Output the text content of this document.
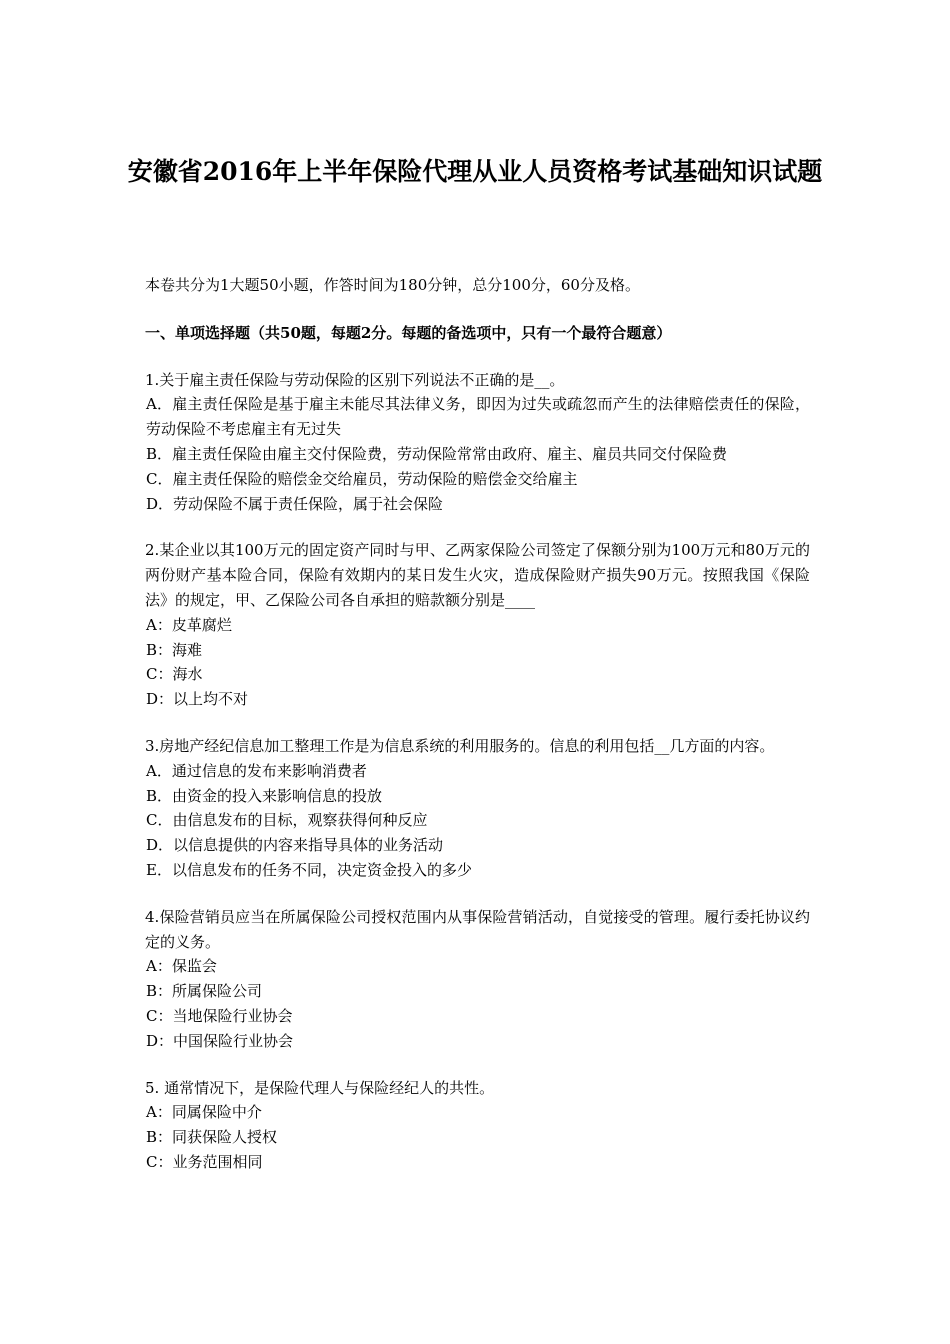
安徽省2016年上半年保险代理从业人员资格考试基础知识试题

本卷共分为1大题50小题，作答时间为180分钟，总分100分，60分及格。

一、单项选择题（共50题，每题2分。每题的备选项中，只有一个最符合题意）

1.关于雇主责任保险与劳动保险的区别下列说法不正确的是__。

A．雇主责任保险是基于雇主未能尽其法律义务，即因为过失或疏忽而产生的法律赔偿责任的保险，劳动保险不考虑雇主有无过失

B．雇主责任保险由雇主交付保险费，劳动保险常常由政府、雇主、雇员共同交付保险费

C．雇主责任保险的赔偿金交给雇员，劳动保险的赔偿金交给雇主

D．劳动保险不属于责任保险，属于社会保险

2.某企业以其100万元的固定资产同时与甲、乙两家保险公司签定了保额分别为100万元和80万元的两份财产基本险合同，保险有效期内的某日发生火灾，造成保险财产损失90万元。按照我国《保险法》的规定，甲、乙保险公司各自承担的赔款额分别是____

A：皮革腐烂

B：海难

C：海水

D：以上均不对

3.房地产经纪信息加工整理工作是为信息系统的利用服务的。信息的利用包括__几方面的内容。

A．通过信息的发布来影响消费者

B．由资金的投入来影响信息的投放

C．由信息发布的目标，观察获得何种反应

D．以信息提供的内容来指导具体的业务活动

E．以信息发布的任务不同，决定资金投入的多少

4.保险营销员应当在所属保险公司授权范围内从事保险营销活动，自觉接受的管理。履行委托协议约定的义务。

A：保监会

B：所属保险公司

C：当地保险行业协会

D：中国保险行业协会

5. 通常情况下，是保险代理人与保险经纪人的共性。

A：同属保险中介

B：同获保险人授权

C：业务范围相同
